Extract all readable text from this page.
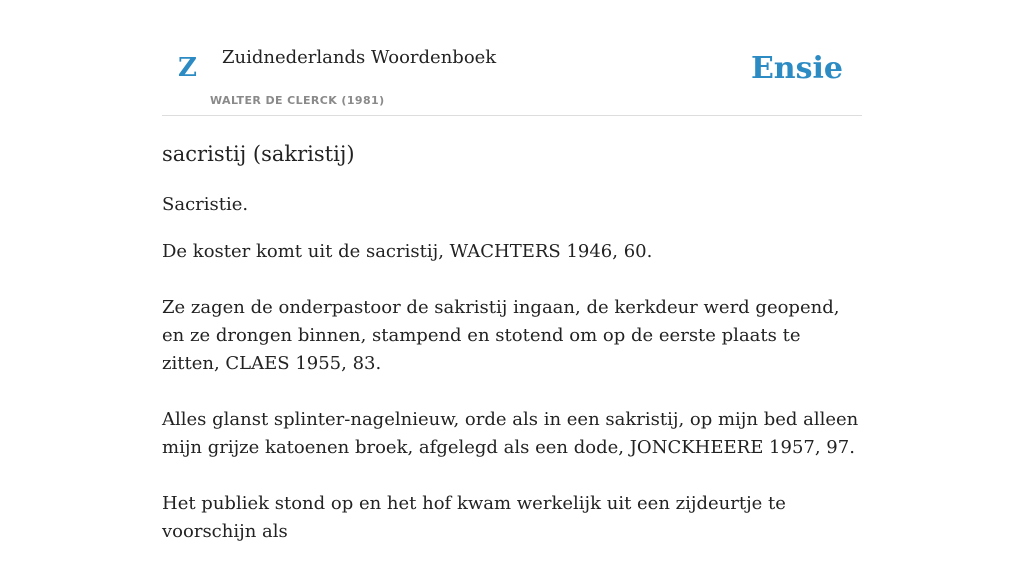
Z Zuidnederlands Woordenboek
WALTER DE CLERCK (1981)
Ensie
sacristij (sakristij)

Sacristie.

De koster komt uit de sacristij, WACHTERS 1946, 60.

Ze zagen de onderpastoor de sakristij ingaan, de kerkdeur werd geopend, en ze drongen binnen, stampend en stotend om op de eerste plaats te zitten, CLAES 1955, 83.

Alles glanst splinter-nagelnieuw, orde als in een sakristij, op mijn bed alleen mijn grijze katoenen broek, afgelegd als een dode, JONCKHEERE 1957, 97.

Het publiek stond op en het hof kwam werkelijk uit een zijdeurtje te voorschijn als
